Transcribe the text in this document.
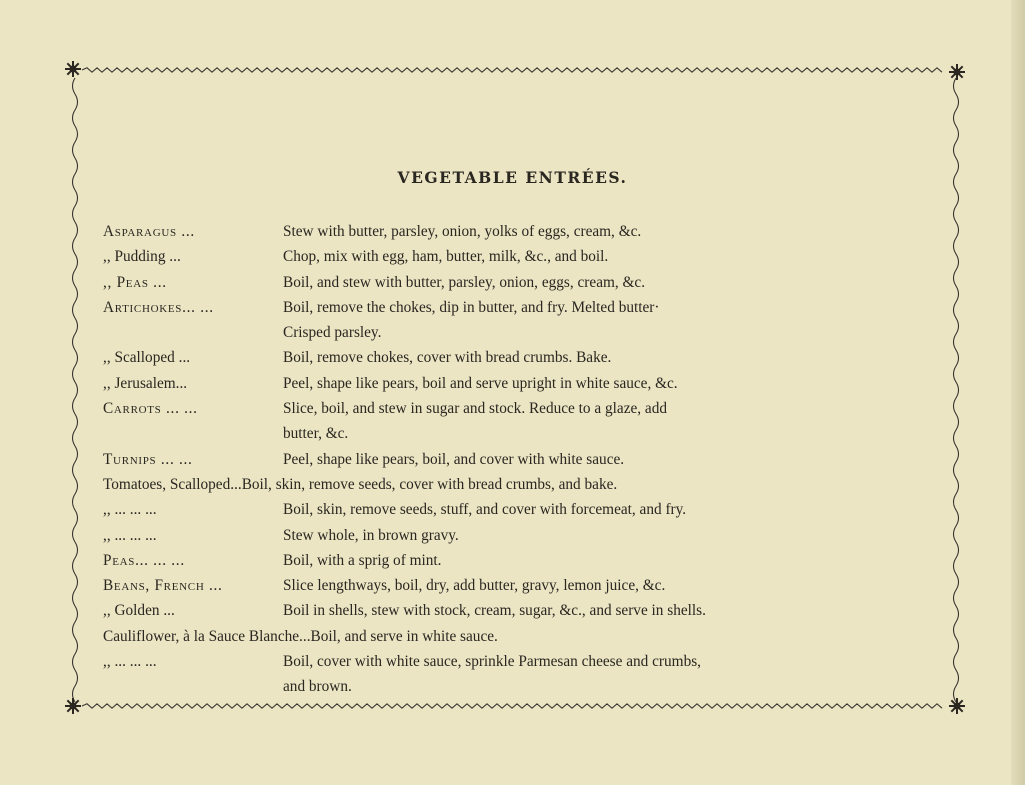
VEGETABLE ENTRÉES.
Asparagus ...	Stew with butter, parsley, onion, yolks of eggs, cream, &c.
,, Pudding ...	Chop, mix with egg, ham, butter, milk, &c., and boil.
,, Peas ...	Boil, and stew with butter, parsley, onion, eggs, cream, &c.
Artichokes... ...	Boil, remove the chokes, dip in butter, and fry. Melted butter·
Crisped parsley.
,, Scalloped ...	Boil, remove chokes, cover with bread crumbs. Bake.
,, Jerusalem...	Peel, shape like pears, boil and serve upright in white sauce, &c.
Carrots ... ...	Slice, boil, and stew in sugar and stock. Reduce to a glaze, add
butter, &c.
Turnips ... ...	Peel, shape like pears, boil, and cover with white sauce.
Tomatoes, Scalloped...Boil, skin, remove seeds, cover with bread crumbs, and bake.
,, ... ... ...	Boil, skin, remove seeds, stuff, and cover with forcemeat, and fry.
,, ... ... ...	Stew whole, in brown gravy.
Peas... ... ...	Boil, with a sprig of mint.
Beans, French ...	Slice lengthways, boil, dry, add butter, gravy, lemon juice, &c.
,, Golden ...	Boil in shells, stew with stock, cream, sugar, &c., and serve in shells.
Cauliflower, à la Sauce Blanche...Boil, and serve in white sauce.
,, ... ... ...	Boil, cover with white sauce, sprinkle Parmesan cheese and crumbs,
and brown.
